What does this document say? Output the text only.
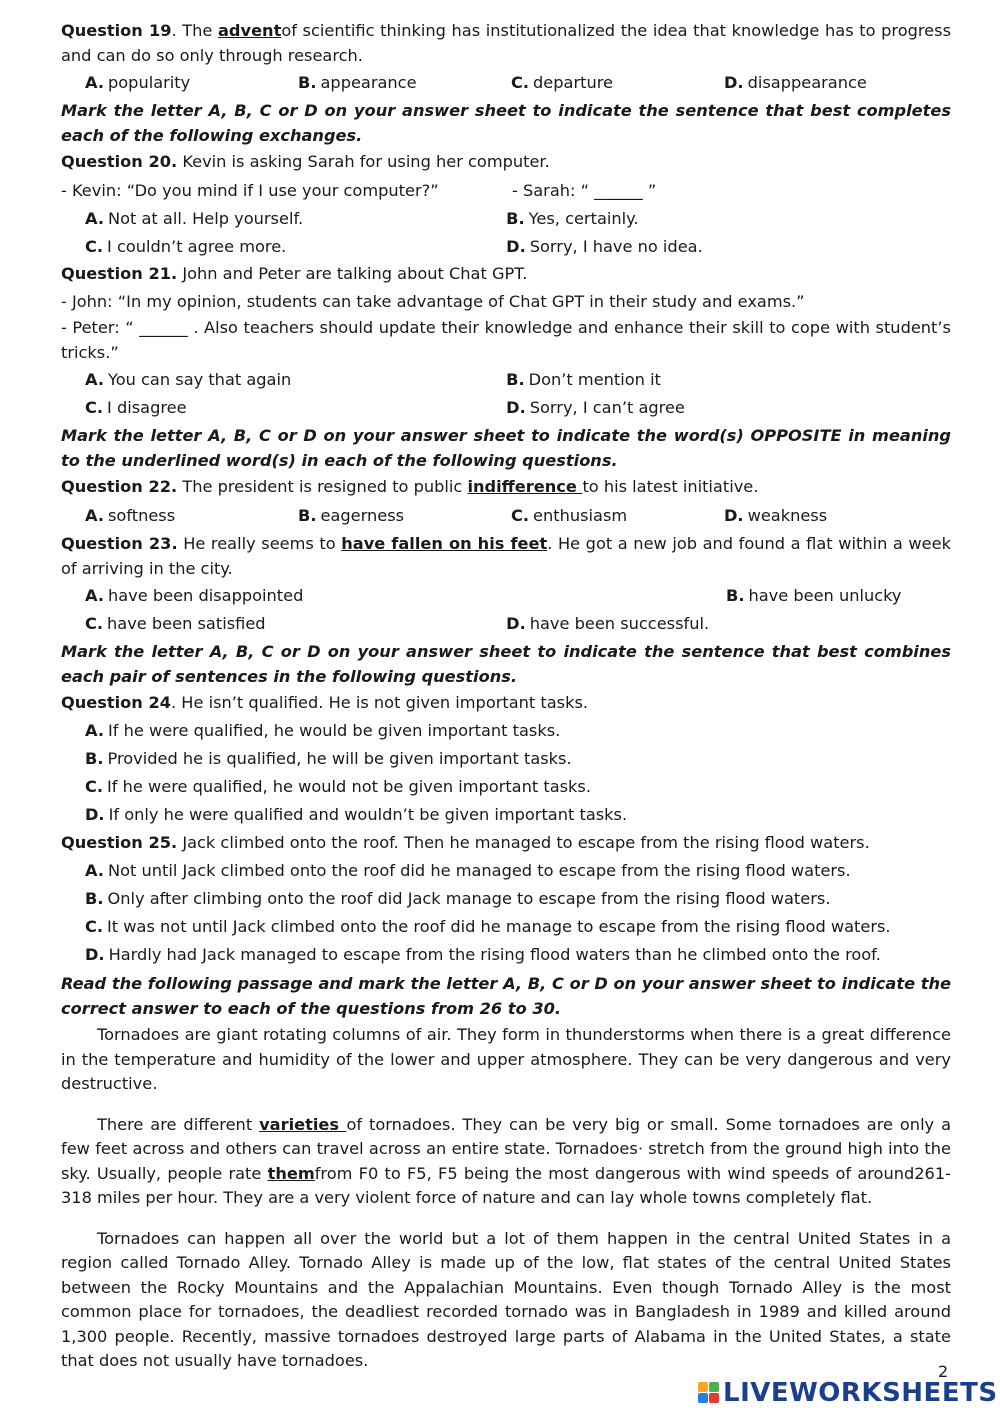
Question 19. The adventof scientific thinking has institutionalized the idea that knowledge has to progress and can do so only through research.

A. popularity	B. appearance	C. departure	D. disappearance
Mark the letter A, B, C or D on your answer sheet to indicate the sentence that best completes each of the following exchanges.
Question 20. Kevin is asking Sarah for using her computer.
- Kevin: “Do you mind if I use your computer?”	- Sarah: “ ______ ”
A. Not at all. Help yourself.	B. Yes, certainly.
C. I couldn’t agree more.	D. Sorry, I have no idea.
Question 21. John and Peter are talking about Chat GPT.
- John: “In my opinion, students can take advantage of Chat GPT in their study and exams.”

- Peter: “ ______ . Also teachers should update their knowledge and enhance their skill to cope with student’s tricks.”

A. You can say that again	B. Don’t mention it
C. I disagree	D. Sorry, I can’t agree
Mark the letter A, B, C or D on your answer sheet to indicate the word(s) OPPOSITE in meaning to the underlined word(s) in each of the following questions.
Question 22. The president is resigned to public indifference to his latest initiative.
A. softness	B. eagerness	C. enthusiasm	D. weakness

Question 23. He really seems to have fallen on his feet. He got a new job and found a flat within a week of arriving in the city.

A. have been disappointed	B. have been unlucky
C. have been satisfied	D. have been successful.
Mark the letter A, B, C or D on your answer sheet to indicate the sentence that best combines each pair of sentences in the following questions.
Question 24. He isn’t qualified. He is not given important tasks.
A. If he were qualified, he would be given important tasks.
B. Provided he is qualified, he will be given important tasks.
C. If he were qualified, he would not be given important tasks.
D. If only he were qualified and wouldn’t be given important tasks.
Question 25. Jack climbed onto the roof. Then he managed to escape from the rising flood waters.
A. Not until Jack climbed onto the roof did he managed to escape from the rising flood waters.
B. Only after climbing onto the roof did Jack manage to escape from the rising flood waters.
C. It was not until Jack climbed onto the roof did he manage to escape from the rising flood waters.
D. Hardly had Jack managed to escape from the rising flood waters than he climbed onto the roof.
Read the following passage and mark the letter A, B, C or D on your answer sheet to indicate the correct answer to each of the questions from 26 to 30.

Tornadoes are giant rotating columns of air. They form in thunderstorms when there is a great difference in the temperature and humidity of the lower and upper atmosphere. They can be very dangerous and very destructive.

There are different varieties of tornadoes. They can be very big or small. Some tornadoes are only a few feet across and others can travel across an entire state. Tornadoes· stretch from the ground high into the sky. Usually, people rate themfrom F0 to F5, F5 being the most dangerous with wind speeds of around261-318 miles per hour. They are a very violent force of nature and can lay whole towns completely flat.

Tornadoes can happen all over the world but a lot of them happen in the central United States in a region called Tornado Alley. Tornado Alley is made up of the low, flat states of the central United States between the Rocky Mountains and the Appalachian Mountains. Even though Tornado Alley is the most common place for tornadoes, the deadliest recorded tornado was in Bangladesh in 1989 and killed around 1,300 people. Recently, massive tornadoes destroyed large parts of Alabama in the United States, a state that does not usually have tornadoes.

2
LIVEWORKSHEETS
